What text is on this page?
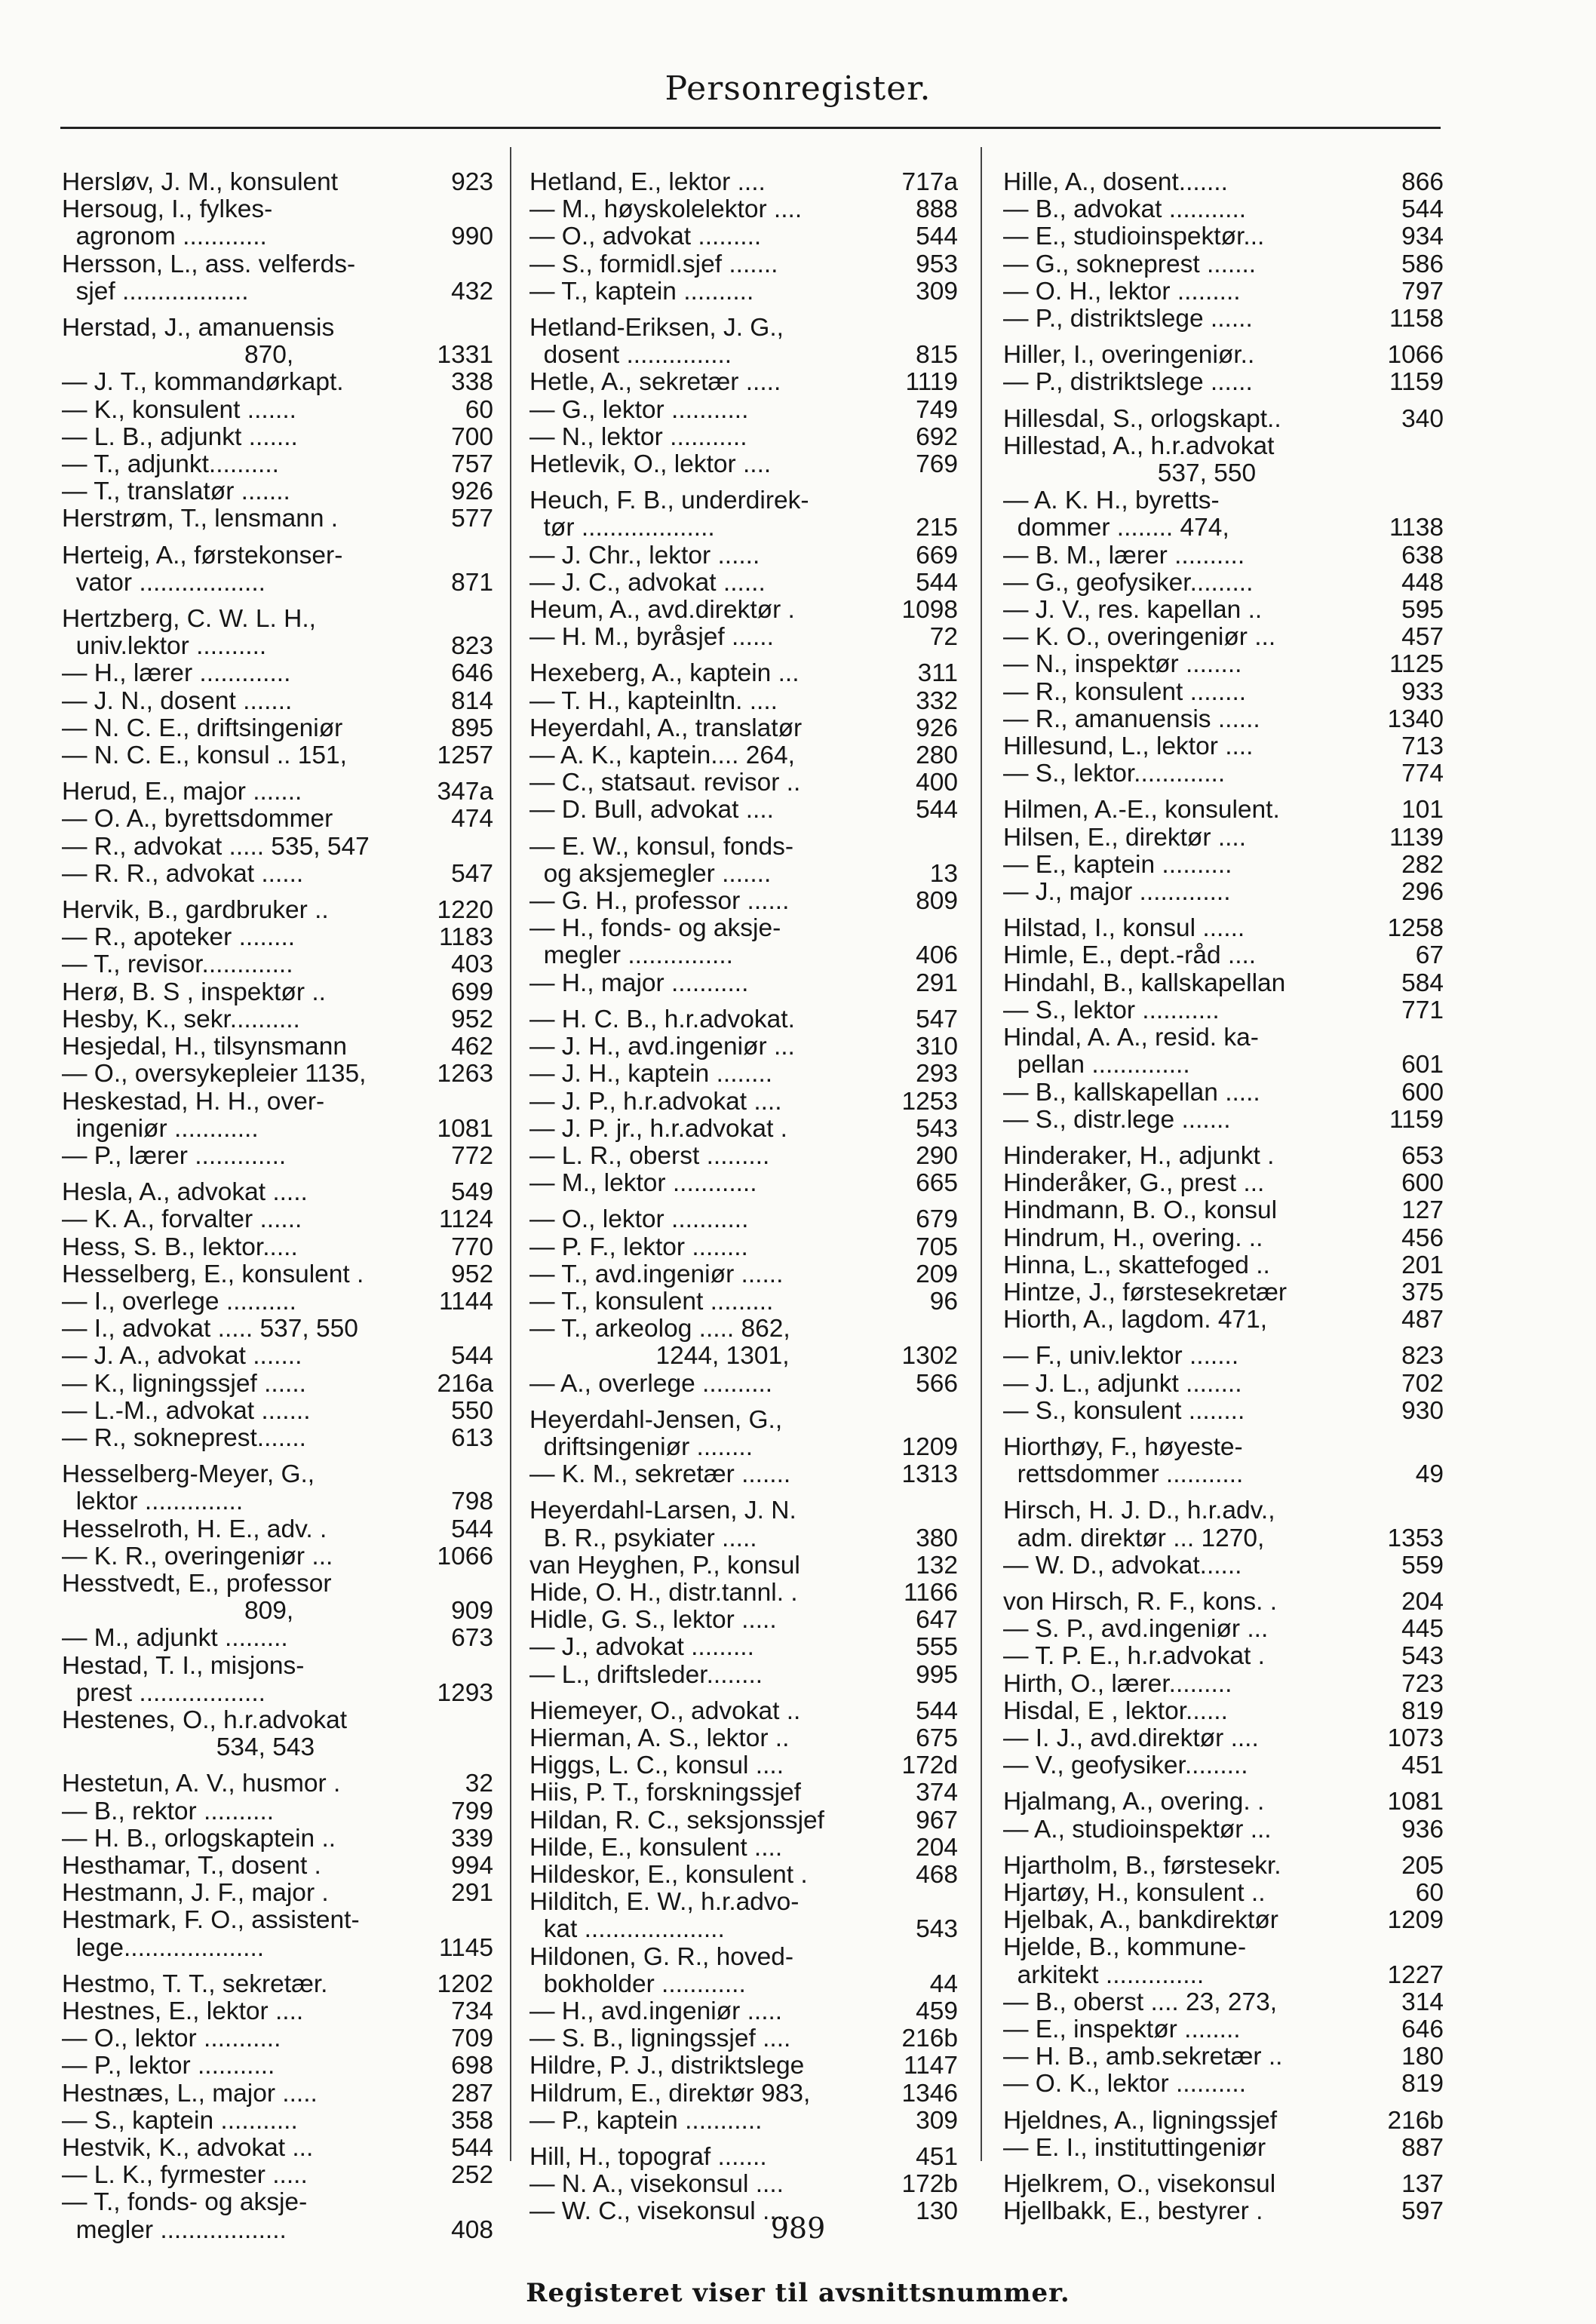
Personregister.
Hersløv, J. M., konsulent	923
Hersoug, I., fylkes-
agronom ............	990
Hersson, L., ass. velferds-
sjef ..................	432
Herstad, J., amanuensis
870,	1331
— J. T., kommandørkapt.	338
— K., konsulent .......	60
— L. B., adjunkt .......	700
— T., adjunkt..........	757
— T., translatør .......	926
Herstrøm, T., lensmann .	577
Herteig, A., førstekonser-
vator ..................	871
Hertzberg, C. W. L. H.,
univ.lektor ..........	823
— H., lærer .............	646
— J. N., dosent .......	814
— N. C. E., driftsingeniør	895
— N. C. E., konsul .. 151,	1257
Herud, E., major .......	347a
— O. A., byrettsdommer	474
— R., advokat ..... 535, 547
— R. R., advokat ......	547
Hervik, B., gardbruker ..	1220
— R., apoteker ........	1183
— T., revisor.............	403
Herø, B. S , inspektør ..	699
Hesby, K., sekr..........	952
Hesjedal, H., tilsynsmann	462
— O., oversykepleier 1135,	1263
Heskestad, H. H., over-
ingeniør ............	1081
— P., lærer .............	772
Hesla, A., advokat .....	549
— K. A., forvalter ......	1124
Hess, S. B., lektor.....	770
Hesselberg, E., konsulent .	952
— I., overlege ..........	1144
— I., advokat ..... 537, 550
— J. A., advokat .......	544
— K., ligningssjef ......	216a
— L.-M., advokat .......	550
— R., sokneprest.......	613
Hesselberg-Meyer, G.,
lektor ..............	798
Hesselroth, H. E., adv. .	544
— K. R., overingeniør ...	1066
Hesstvedt, E., professor
809,	909
— M., adjunkt .........	673
Hestad, T. I., misjons-
prest ..................	1293
Hestenes, O., h.r.advokat
534, 543
Hestetun, A. V., husmor .	32
— B., rektor ..........	799
— H. B., orlogskaptein ..	339
Hesthamar, T., dosent .	994
Hestmann, J. F., major .	291
Hestmark, F. O., assistent-
lege....................	1145
Hestmo, T. T., sekretær.	1202
Hestnes, E., lektor ....	734
— O., lektor ...........	709
— P., lektor ...........	698
Hestnæs, L., major .....	287
— S., kaptein ...........	358
Hestvik, K., advokat ...	544
— L. K., fyrmester .....	252
— T., fonds- og aksje-
megler ..................	408
Hetland, E., lektor ....	717a
— M., høyskolelektor ....	888
— O., advokat .........	544
— S., formidl.sjef .......	953
— T., kaptein ..........	309
Hetland-Eriksen, J. G.,
dosent ...............	815
Hetle, A., sekretær .....	1119
— G., lektor ...........	749
— N., lektor ...........	692
Hetlevik, O., lektor ....	769
Heuch, F. B., underdirek-
tør ...................	215
— J. Chr., lektor ......	669
— J. C., advokat ......	544
Heum, A., avd.direktør .	1098
— H. M., byråsjef ......	72
Hexeberg, A., kaptein ...	311
— T. H., kapteinltn. ....	332
Heyerdahl, A., translatør	926
— A. K., kaptein.... 264,	280
— C., statsaut. revisor ..	400
— D. Bull, advokat ....	544
— E. W., konsul, fonds-
og aksjemegler .......	13
— G. H., professor ......	809
— H., fonds- og aksje-
megler ...............	406
— H., major ...........	291
— H. C. B., h.r.advokat.	547
— J. H., avd.ingeniør ...	310
— J. H., kaptein ........	293
— J. P., h.r.advokat ....	1253
— J. P. jr., h.r.advokat .	543
— L. R., oberst .........	290
— M., lektor ............	665
— O., lektor ...........	679
— P. F., lektor ........	705
— T., avd.ingeniør ......	209
— T., konsulent .........	96
— T., arkeolog ..... 862,
1244, 1301,	1302
— A., overlege ..........	566
Heyerdahl-Jensen, G.,
driftsingeniør ........	1209
— K. M., sekretær .......	1313
Heyerdahl-Larsen, J. N.
B. R., psykiater .....	380
van Heyghen, P., konsul	132
Hide, O. H., distr.tannl. .	1166
Hidle, G. S., lektor .....	647
— J., advokat .........	555
— L., driftsleder........	995
Hiemeyer, O., advokat ..	544
Hierman, A. S., lektor ..	675
Higgs, L. C., konsul ....	172d
Hiis, P. T., forskningssjef	374
Hildan, R. C., seksjonssjef	967
Hilde, E., konsulent ....	204
Hildeskor, E., konsulent .	468
Hilditch, E. W., h.r.advo-
kat ....................	543
Hildonen, G. R., hoved-
bokholder ............	44
— H., avd.ingeniør .....	459
— S. B., ligningssjef ....	216b
Hildre, P. J., distriktslege	1147
Hildrum, E., direktør 983,	1346
— P., kaptein ...........	309
Hill, H., topograf .......	451
— N. A., visekonsul ....	172b
— W. C., visekonsul ....	130
Hille, A., dosent.......	866
— B., advokat ...........	544
— E., studioinspektør...	934
— G., sokneprest .......	586
— O. H., lektor .........	797
— P., distriktslege ......	1158
Hiller, I., overingeniør..	1066
— P., distriktslege ......	1159
Hillesdal, S., orlogskapt..	340
Hillestad, A., h.r.advokat
537, 550
— A. K. H., byretts-
dommer ........ 474,	1138
— B. M., lærer ..........	638
— G., geofysiker.........	448
— J. V., res. kapellan ..	595
— K. O., overingeniør ...	457
— N., inspektør ........	1125
— R., konsulent ........	933
— R., amanuensis ......	1340
Hillesund, L., lektor ....	713
— S., lektor.............	774
Hilmen, A.-E., konsulent.	101
Hilsen, E., direktør ....	1139
— E., kaptein ..........	282
— J., major .............	296
Hilstad, I., konsul ......	1258
Himle, E., dept.-råd ....	67
Hindahl, B., kallskapellan	584
— S., lektor ...........	771
Hindal, A. A., resid. ka-
pellan ..............	601
— B., kallskapellan .....	600
— S., distr.lege .......	1159
Hinderaker, H., adjunkt .	653
Hinderåker, G., prest ...	600
Hindmann, B. O., konsul	127
Hindrum, H., overing. ..	456
Hinna, L., skattefoged ..	201
Hintze, J., førstesekretær	375
Hiorth, A., lagdom. 471,	487
— F., univ.lektor .......	823
— J. L., adjunkt ........	702
— S., konsulent ........	930
Hiorthøy, F., høyeste-
rettsdommer ...........	49
Hirsch, H. J. D., h.r.adv.,
adm. direktør ... 1270,	1353
— W. D., advokat......	559
von Hirsch, R. F., kons. .	204
— S. P., avd.ingeniør ...	445
— T. P. E., h.r.advokat .	543
Hirth, O., lærer.........	723
Hisdal, E , lektor......	819
— I. J., avd.direktør ....	1073
— V., geofysiker.........	451
Hjalmang, A., overing. .	1081
— A., studioinspektør ...	936
Hjartholm, B., førstesekr.	205
Hjartøy, H., konsulent ..	60
Hjelbak, A., bankdirektør	1209
Hjelde, B., kommune-
arkitekt ..............	1227
— B., oberst .... 23, 273,	314
— E., inspektør ........	646
— H. B., amb.sekretær ..	180
— O. K., lektor ..........	819
Hjeldnes, A., ligningssjef	216b
— E. I., instituttingeniør	887
Hjelkrem, O., visekonsul	137
Hjellbakk, E., bestyrer .	597
989
Registeret viser til avsnittsnummer.
